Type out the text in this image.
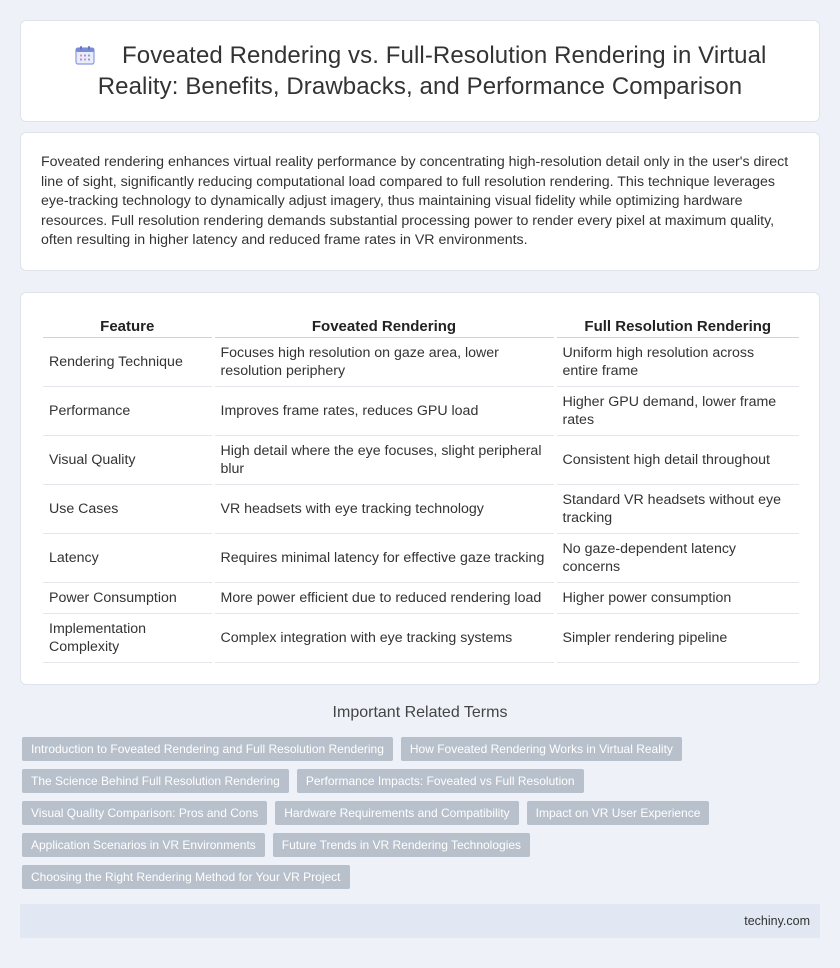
Foveated Rendering vs. Full-Resolution Rendering in Virtual Reality: Benefits, Drawbacks, and Performance Comparison

Foveated rendering enhances virtual reality performance by concentrating high-resolution detail only in the user's direct line of sight, significantly reducing computational load compared to full resolution rendering. This technique leverages eye-tracking technology to dynamically adjust imagery, thus maintaining visual fidelity while optimizing hardware resources. Full resolution rendering demands substantial processing power to render every pixel at maximum quality, often resulting in higher latency and reduced frame rates in VR environments.

Feature	Foveated Rendering	Full Resolution Rendering
Rendering Technique	Focuses high resolution on gaze area, lower resolution periphery	Uniform high resolution across entire frame
Performance	Improves frame rates, reduces GPU load	Higher GPU demand, lower frame rates
Visual Quality	High detail where the eye focuses, slight peripheral blur	Consistent high detail throughout
Use Cases	VR headsets with eye tracking technology	Standard VR headsets without eye tracking
Latency	Requires minimal latency for effective gaze tracking	No gaze-dependent latency concerns
Power Consumption	More power efficient due to reduced rendering load	Higher power consumption
Implementation Complexity	Complex integration with eye tracking systems	Simpler rendering pipeline
Important Related Terms
Introduction to Foveated Rendering and Full Resolution Rendering	How Foveated Rendering Works in Virtual Reality
The Science Behind Full Resolution Rendering	Performance Impacts: Foveated vs Full Resolution
Visual Quality Comparison: Pros and Cons	Hardware Requirements and Compatibility	Impact on VR User Experience
Application Scenarios in VR Environments	Future Trends in VR Rendering Technologies
Choosing the Right Rendering Method for Your VR Project
techiny.com
